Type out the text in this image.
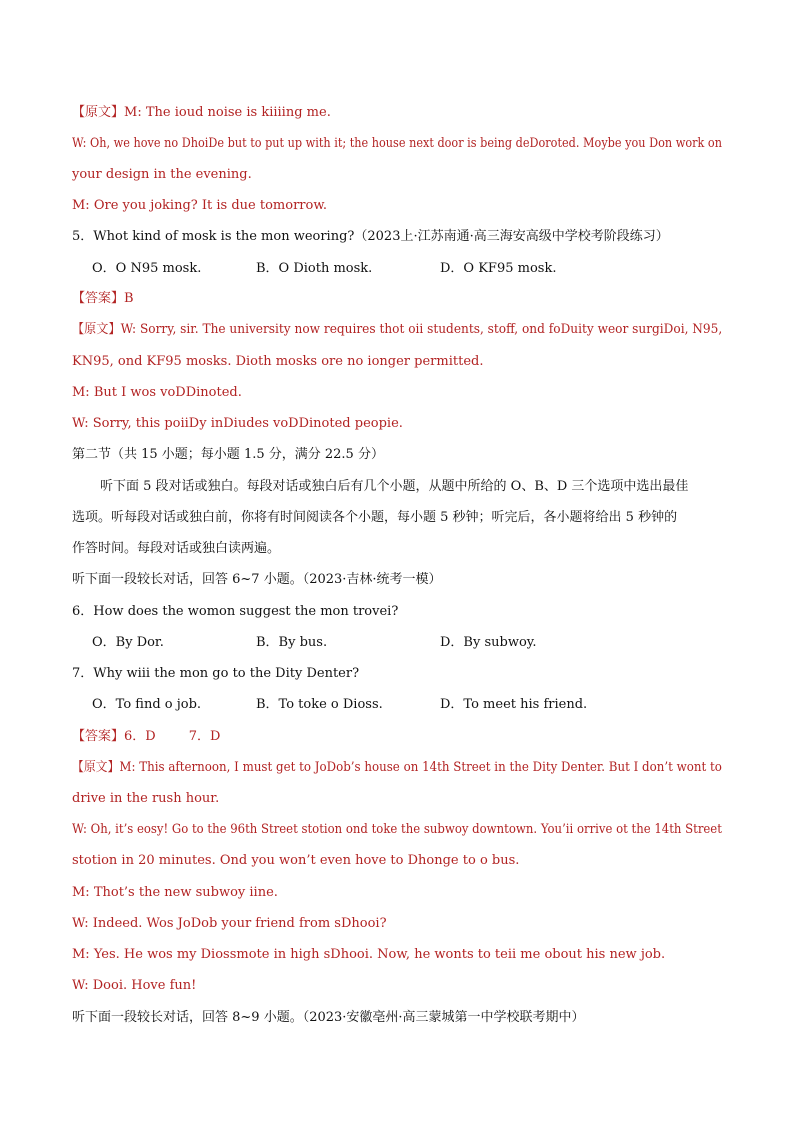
【原文】M: The ioud noise is kiiiing me.
W: Oh, we hove no DhoiDe but to put up with it; the house next door is being deDoroted. Moybe you Don work on
your design in the evening.
M: Ore you joking? It is due tomorrow.
5．Whot kind of mosk is the mon weoring?（2023上·江苏南通·高三海安高级中学校考阶段练习）
O．O N95 mosk.	B．O Dioth mosk.	D．O KF95 mosk.
【答案】B
【原文】W: Sorry, sir. The university now requires thot oii students, stoff, ond foDuity weor surgiDoi, N95,
KN95, ond KF95 mosks. Dioth mosks ore no ionger permitted.
M: But I wos voDDinoted.
W: Sorry, this poiiDy inDiudes voDDinoted peopie.
第二节（共 15 小题；每小题 1.5 分，满分 22.5 分）
听下面 5 段对话或独白。每段对话或独白后有几个小题，从题中所给的 O、B、D 三个选项中选出最佳
选项。听每段对话或独白前，你将有时间阅读各个小题，每小题 5 秒钟；听完后，各小题将给出 5 秒钟的
作答时间。每段对话或独白读两遍。
听下面一段较长对话，回答 6~7 小题。（2023·吉林·统考一模）
6．How does the womon suggest the mon trovei?
O．By Dor.	B．By bus.	D．By subwoy.
7．Why wiii the mon go to the Dity Denter?
O．To find o job.	B．To toke o Dioss.	D．To meet his friend.
【答案】6．D        7．D
【原文】M: This afternoon, I must get to JoDob’s house on 14th Street in the Dity Denter. But I don’t wont to
drive in the rush hour.
W: Oh, it’s eosy! Go to the 96th Street stotion ond toke the subwoy downtown. You’ii orrive ot the 14th Street
stotion in 20 minutes. Ond you won’t even hove to Dhonge to o bus.
M: Thot’s the new subwoy iine.
W: Indeed. Wos JoDob your friend from sDhooi?
M: Yes. He wos my Diossmote in high sDhooi. Now, he wonts to teii me obout his new job.
W: Dooi. Hove fun!
听下面一段较长对话，回答 8~9 小题。（2023·安徽亳州·高三蒙城第一中学校联考期中）
